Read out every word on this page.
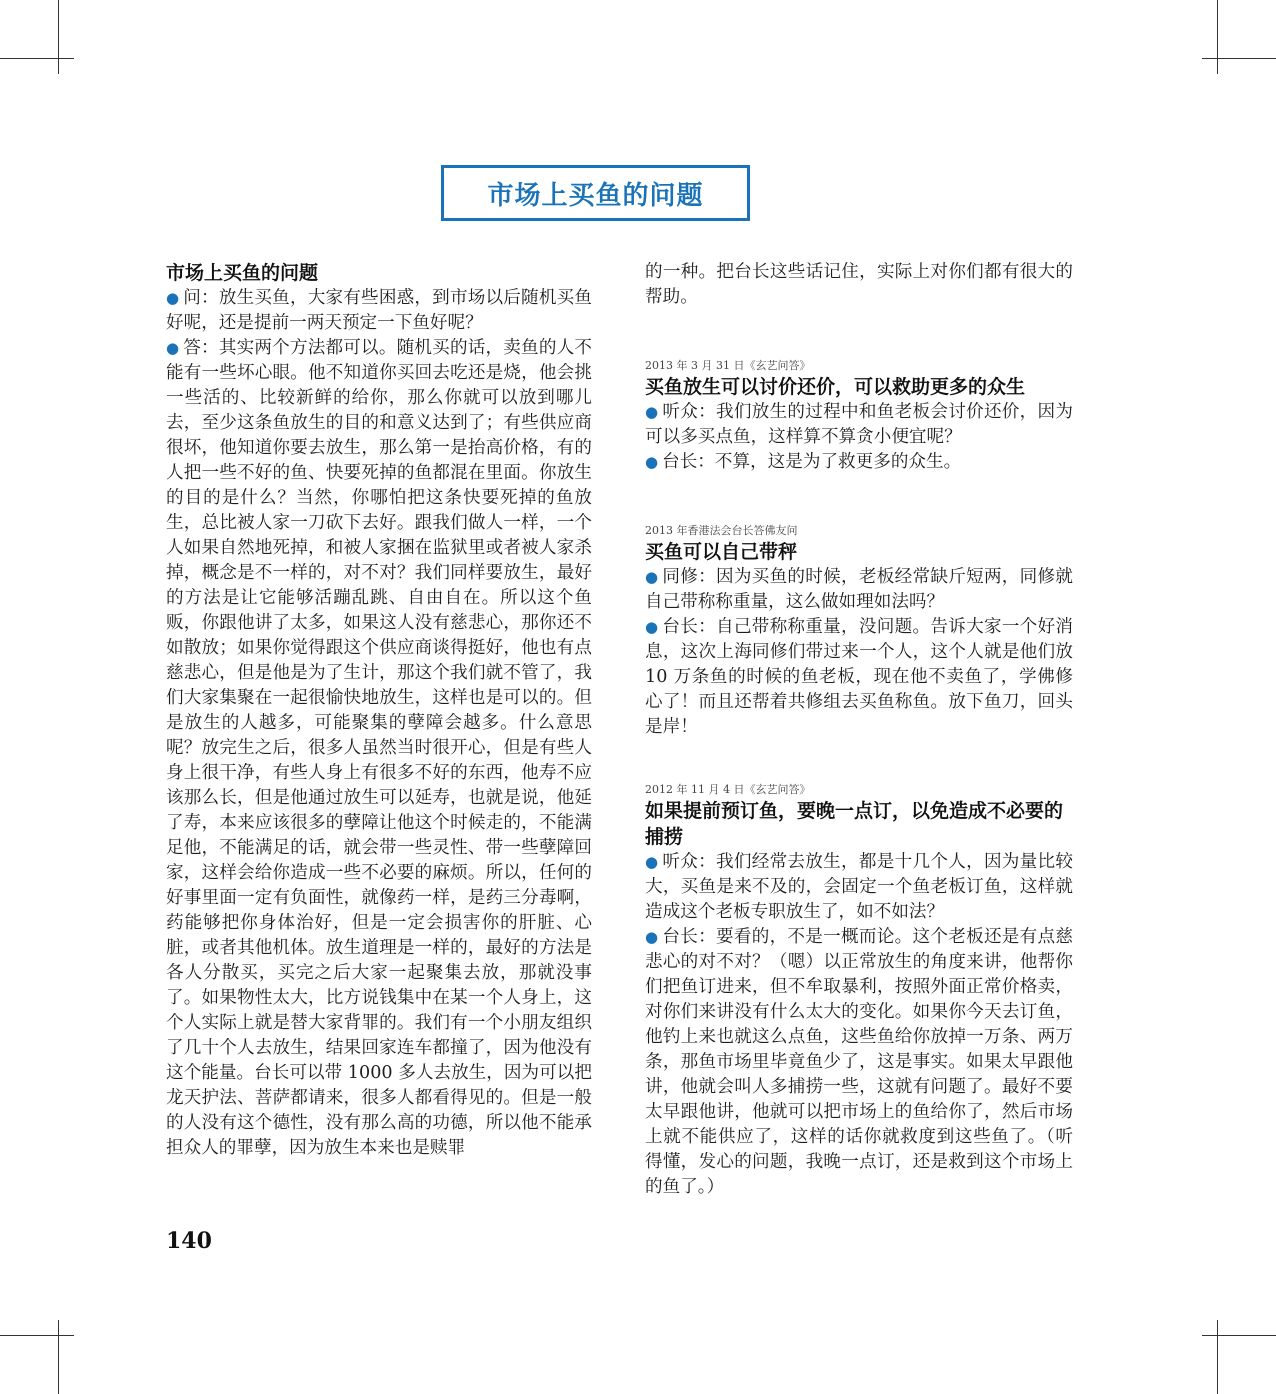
市场上买鱼的问题
市场上买鱼的问题
● 问：放生买鱼，大家有些困惑，到市场以后随机买鱼好呢，还是提前一两天预定一下鱼好呢？
● 答：其实两个方法都可以。随机买的话，卖鱼的人不能有一些坏心眼。他不知道你买回去吃还是烧，他会挑一些活的、比较新鲜的给你，那么你就可以放到哪儿去，至少这条鱼放生的目的和意义达到了；有些供应商很坏，他知道你要去放生，那么第一是抬高价格，有的人把一些不好的鱼、快要死掉的鱼都混在里面。你放生的目的是什么？当然，你哪怕把这条快要死掉的鱼放生，总比被人家一刀砍下去好。跟我们做人一样，一个人如果自然地死掉，和被人家捆在监狱里或者被人家杀掉，概念是不一样的，对不对？我们同样要放生，最好的方法是让它能够活蹦乱跳、自由自在。所以这个鱼贩，你跟他讲了太多，如果这人没有慈悲心，那你还不如散放；如果你觉得跟这个供应商谈得挺好，他也有点慈悲心，但是他是为了生计，那这个我们就不管了，我们大家集聚在一起很愉快地放生，这样也是可以的。但是放生的人越多，可能聚集的孽障会越多。什么意思呢？放完生之后，很多人虽然当时很开心，但是有些人身上很干净，有些人身上有很多不好的东西，他寿不应该那么长，但是他通过放生可以延寿，也就是说，他延了寿，本来应该很多的孽障让他这个时候走的，不能满足他，不能满足的话，就会带一些灵性、带一些孽障回家，这样会给你造成一些不必要的麻烦。所以，任何的好事里面一定有负面性，就像药一样，是药三分毒啊，药能够把你身体治好，但是一定会损害你的肝脏、心脏，或者其他机体。放生道理是一样的，最好的方法是各人分散买，买完之后大家一起聚集去放，那就没事了。如果物性太大，比方说钱集中在某一个人身上，这个人实际上就是替大家背罪的。我们有一个小朋友组织了几十个人去放生，结果回家连车都撞了，因为他没有这个能量。台长可以带 1000 多人去放生，因为可以把龙天护法、菩萨都请来，很多人都看得见的。但是一般的人没有这个德性，没有那么高的功德，所以他不能承担众人的罪孽，因为放生本来也是赎罪
的一种。把台长这些话记住，实际上对你们都有很大的帮助。
2013 年 3 月 31 日《玄艺问答》
买鱼放生可以讨价还价，可以救助更多的众生
● 听众：我们放生的过程中和鱼老板会讨价还价，因为可以多买点鱼，这样算不算贪小便宜呢？
● 台长：不算，这是为了救更多的众生。
2013 年香港法会台长答佛友问
买鱼可以自己带秤
● 同修：因为买鱼的时候，老板经常缺斤短两，同修就自己带称称重量，这么做如理如法吗？
● 台长：自己带称称重量，没问题。告诉大家一个好消息，这次上海同修们带过来一个人，这个人就是他们放 10 万条鱼的时候的鱼老板，现在他不卖鱼了，学佛修心了！而且还帮着共修组去买鱼称鱼。放下鱼刀，回头是岸！
2012 年 11 月 4 日《玄艺问答》
如果提前预订鱼，要晚一点订，以免造成不必要的捕捞
● 听众：我们经常去放生，都是十几个人，因为量比较大，买鱼是来不及的，会固定一个鱼老板订鱼，这样就造成这个老板专职放生了，如不如法？
● 台长：要看的，不是一概而论。这个老板还是有点慈悲心的对不对？（嗯）以正常放生的角度来讲，他帮你们把鱼订进来，但不牟取暴利，按照外面正常价格卖，对你们来讲没有什么太大的变化。如果你今天去订鱼，他钓上来也就这么点鱼，这些鱼给你放掉一万条、两万条，那鱼市场里毕竟鱼少了，这是事实。如果太早跟他讲，他就会叫人多捕捞一些，这就有问题了。最好不要太早跟他讲，他就可以把市场上的鱼给你了，然后市场上就不能供应了，这样的话你就救度到这些鱼了。（听得懂，发心的问题，我晚一点订，还是救到这个市场上的鱼了。）
140
